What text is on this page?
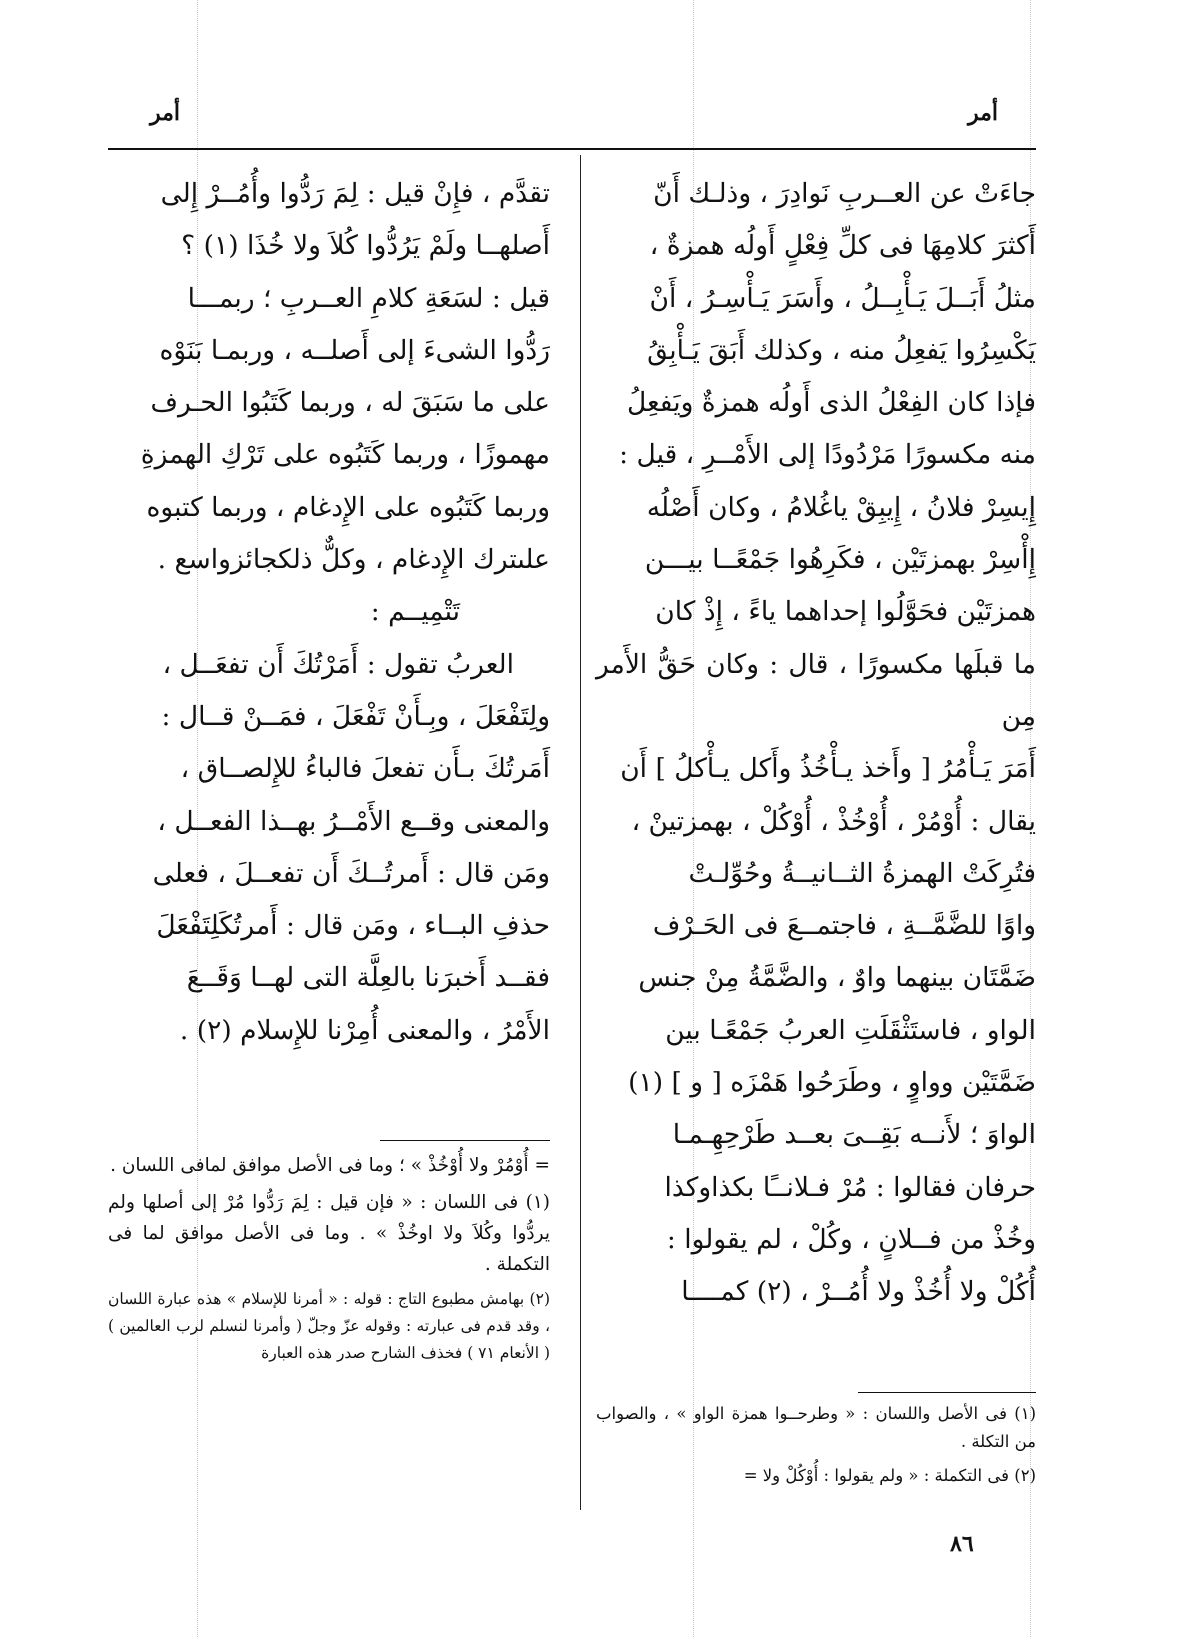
أمر
أمر

جاءَتْ عن العــربِ نَوادِرَ ، وذلـك أَنّ

أَكثرَ كلامِهَا فى كلِّ فِعْلٍ أَولُه همزةٌ ،

مثلُ أَبَــلَ يَـأْبِــلُ ، وأَسَرَ يَـأْسِـرُ ، أَنْ

يَكْسِرُوا يَفعِلُ منه ، وكذلك أَبَقَ يَـأْبِقُ

فإذا كان الفِعْلُ الذى أَولُه همزةٌ ويَفعِلُ

منه مكسورًا مَرْدُودًا إلى الأَمْــرِ ، قيل :

إِيسِرْ فلانُ ، إِيبِقْ ياغُلامُ ، وكان أَصْلُه

إِأْسِرْ بهمزتَيْن ، فكَرِهُوا جَمْعًــا بيـــن

همزتَيْن فحَوَّلُوا إحداهما ياءً ، إِذْ كان

ما قبلَها مكسورًا ، قال : وكان حَقُّ الأَمر مِن

أَمَرَ يَـأْمُرُ [ وأَخذ يـأْخُذُ وأَكل يـأْكلُ ] أَن

يقال : أُوْمُرْ ، أُوْخُذْ ، أُوْكُلْ ، بهمزتينْ ،

فتُرِكَتْ الهمزةُ الثــانيــةُ وحُوِّلـتْ

واوًا للضَّمَّــةِ ، فاجتمــعَ فى الحَـرْف

ضَمَّتَان بينهما واوٌ ، والضَّمَّةُ مِنْ جنس

الواو ، فاستَثْقَلَتِ العربُ جَمْعًـا بين

ضَمَّتَيْن وواوٍ ، وطَرَحُوا هَمْزَه [ و ] (١)

الواوَ ؛ لأَنــه بَقِــىَ بعــد طَرْحِهِـمـا

حرفان فقالوا : مُرْ فـلانــًا بكذاوكذا

وخُذْ من فــلانٍ ، وكُلْ ، لم يقولوا :

أُكُلْ ولا أُخُذْ ولا أُمُــرْ ، (٢) كمــــا

تقدَّم ، فإِنْ قيل : لِمَ رَدُّوا وأُمُــرْ إِلى

أَصلهــا ولَمْ يَرُدُّوا كُلاَ ولا خُذَا (١) ؟

قيل : لسَعَةِ كلامِ العــربِ ؛ ربمـــا

رَدُّوا الشىءَ إلى أَصلــه ، وربمـا بَنَوْه

على ما سَبَقَ له ، وربما كَتَبُوا الحـرف

مهموزًا ، وربما كَتَبُوه على تَرْكِ الهمزةِ

وربما كَتَبُوه على الإِدغام ، وربما كتبوه

علىترك الإِدغام ، وكلٌّ ذلكجائزواسع .

تَتْمِيــم :

العربُ تقول : أَمَرْتُكَ أَن تفعَــل ،

ولِتَفْعَلَ ، وبِـأَنْ تَفْعَلَ ، فمَــنْ قــال :

أَمَرتُكَ بـأَن تفعلَ فالباءُ للإِلصــاق ،

والمعنى وقــع الأَمْــرُ بهــذا الفعــل ،

ومَن قال : أَمرتُــكَ أَن تفعــلَ ، فعلى

حذفِ البــاء ، ومَن قال : أَمرتُكَلِتَفْعَلَ

فقــد أَخبرَنا بالعِلَّة التى لهــا وَقَــعَ

الأَمْرُ ، والمعنى أُمِرْنا للإِسلام (٢) .

= أُوْمُرْ ولا أُوْخُذْ » ؛ وما فى الأصل موافق لمافى اللسان .

(١) فى اللسان : « فإن قيل : لِمَ رَدُّوا مُرْ إلى أصلها ولم يردُّوا وكُلاَ ولا اوخُذْ » . وما فى الأصل موافق لما فى التكملة .

(٢) بهامش مطبوع التاج : قوله : « أمرنا للإسلام » هذه عبارة اللسان ، وقد قدم فى عبارته : وقوله عزّ وجلّ ( وأمرنا لنسلم لرب العالمين ) ( الأنعام ٧١ ) فخذف الشارح صدر هذه العبارة

(١) فى الأصل واللسان : « وطرحــوا همزة الواو » ، والصواب من التكلة .

(٢) فى التكملة : « ولم يقولوا : أُوْكُلْ ولا =

٨٦
